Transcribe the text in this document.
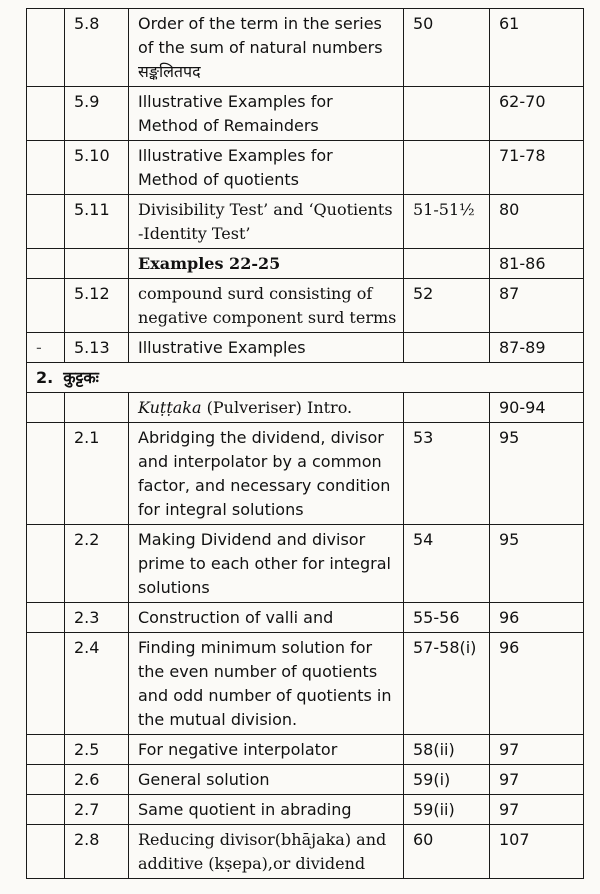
	5.8	Order of the term in the series of the sum of natural numbers सङ्कलितपद	50	61
	5.9	Illustrative Examples for Method of Remainders		62-70
	5.10	Illustrative Examples for Method of quotients		71-78
	5.11	Divisibility Test’ and ‘Quotients -Identity Test’	51-51½	80
		Examples 22-25		81-86
	5.12	compound surd consisting of negative component surd terms	52	87
-	5.13	Illustrative Examples		87-89
2. कुट्टकः				
		Kuṭṭaka (Pulveriser) Intro.		90-94
	2.1	Abridging the dividend, divisor and interpolator by a common factor, and necessary condition for integral solutions	53	95
	2.2	Making Dividend and divisor prime to each other for integral solutions	54	95
	2.3	Construction of valli and	55-56	96
	2.4	Finding minimum solution for the even number of quotients and odd number of quotients in the mutual division.	57-58(i)	96
	2.5	For negative interpolator	58(ii)	97
	2.6	General solution	59(i)	97
	2.7	Same quotient in abrading	59(ii)	97
	2.8	Reducing divisor(bhājaka) and additive (kṣepa),or dividend	60	107
